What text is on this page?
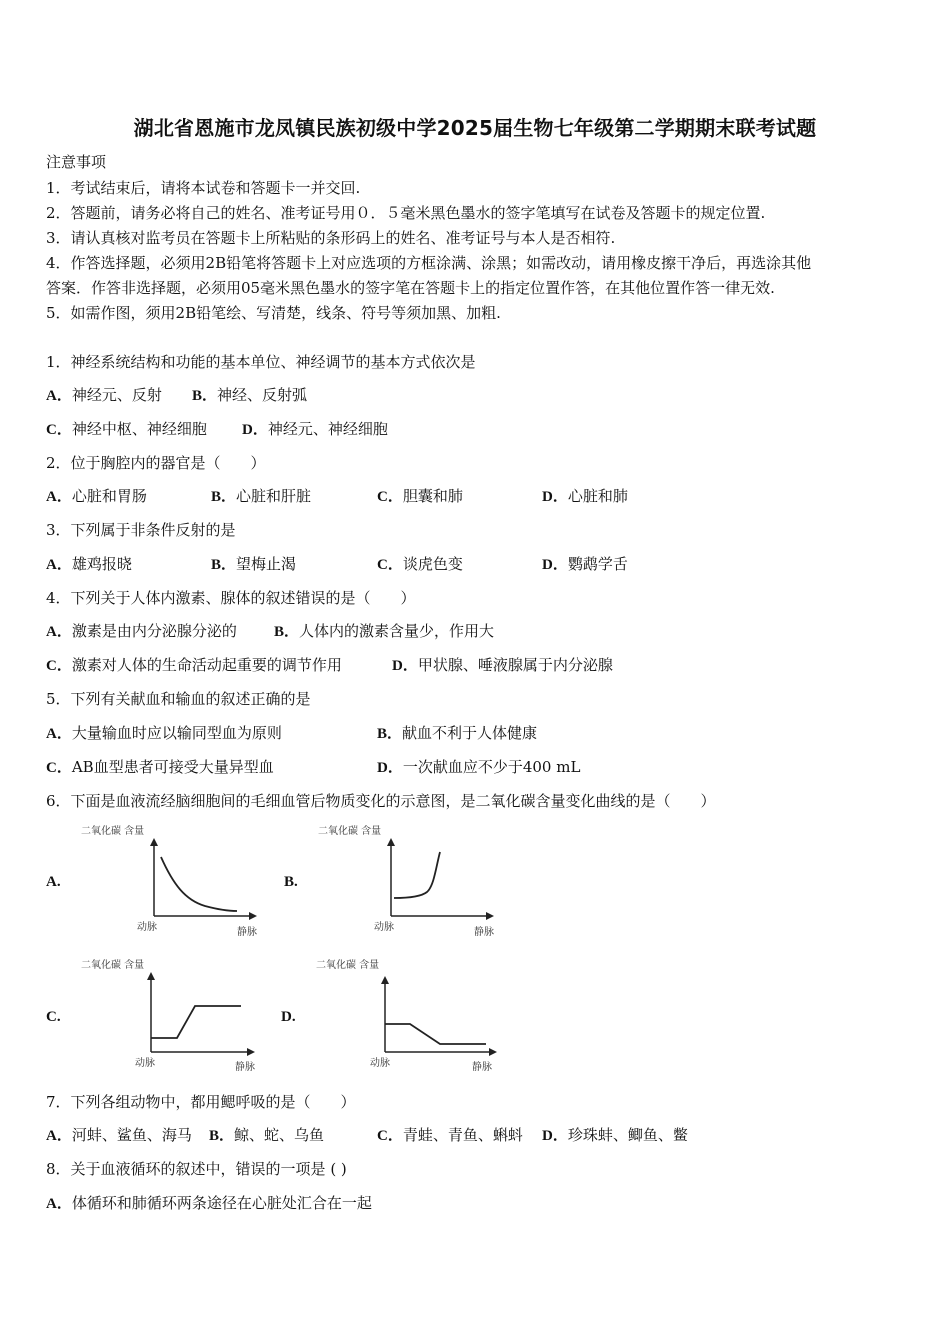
湖北省恩施市龙凤镇民族初级中学2025届生物七年级第二学期期末联考试题
注意事项
1．考试结束后，请将本试卷和答题卡一并交回.
2．答题前，请务必将自己的姓名、准考证号用０．５毫米黑色墨水的签字笔填写在试卷及答题卡的规定位置.
3．请认真核对监考员在答题卡上所粘贴的条形码上的姓名、准考证号与本人是否相符.
4．作答选择题，必须用2B铅笔将答题卡上对应选项的方框涂满、涂黑；如需改动，请用橡皮擦干净后，再选涂其他
答案．作答非选择题，必须用05毫米黑色墨水的签字笔在答题卡上的指定位置作答，在其他位置作答一律无效.
5．如需作图，须用2B铅笔绘、写清楚，线条、符号等须加黑、加粗.
1．神经系统结构和功能的基本单位、神经调节的基本方式依次是
A．神经元、反射 B．神经、反射弧
C．神经中枢、神经细胞 D．神经元、神经细胞
2．位于胸腔内的器官是（　　）
A．心脏和胃肠	B．心脏和肝脏	C．胆囊和肺	D．心脏和肺
3．下列属于非条件反射的是
A．雄鸡报晓	B．望梅止渴	C．谈虎色变	D．鹦鹉学舌
4．下列关于人体内激素、腺体的叙述错误的是（　　）
A．激素是由内分泌腺分泌的 B．人体内的激素含量少，作用大
C．激素对人体的生命活动起重要的调节作用	D．甲状腺、唾液腺属于内分泌腺
5．下列有关献血和输血的叙述正确的是
A．大量输血时应以输同型血为原则	B．献血不利于人体健康
C．AB血型患者可接受大量异型血	D．一次献血应不少于400 mL
6．下面是血液流经脑细胞间的毛细血管后物质变化的示意图，是二氧化碳含量变化曲线的是（　　）
A.
二氧化碳 含量
动脉	静脉
B.
二氧化碳 含量
动脉	静脉
C.
二氧化碳 含量
动脉	静脉
D.
二氧化碳 含量
动脉	静脉
7．下列各组动物中，都用鳃呼吸的是（　　）
A．河蚌、鲨鱼、海马 B．鲸、蛇、乌鱼	C．青蛙、青鱼、蝌蚪 D．珍珠蚌、鲫鱼、鳖
8．关于血液循环的叙述中，错误的一项是 ( )
A．体循环和肺循环两条途径在心脏处汇合在一起
